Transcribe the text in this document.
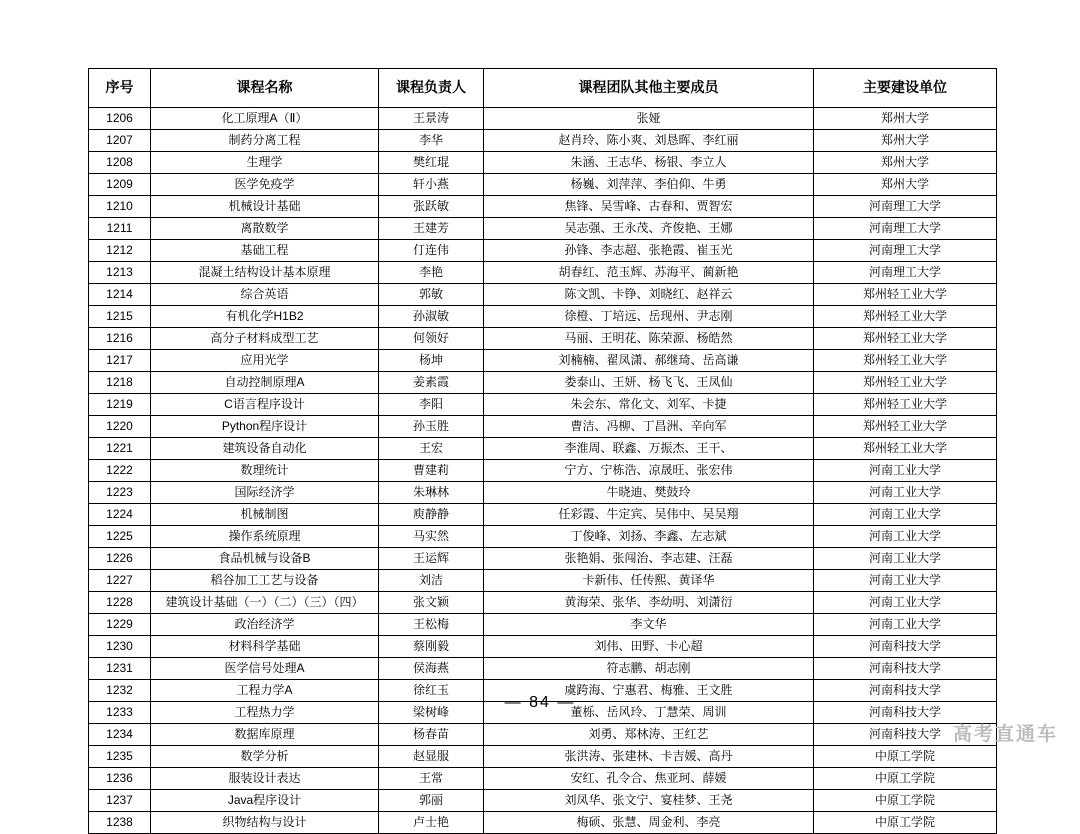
序号	课程名称	课程负责人	课程团队其他主要成员	主要建设单位
1206	化工原理A（Ⅱ）	王景涛	张娅	郑州大学
1207	制药分离工程	李华	赵肖玲、陈小爽、刘恳晖、李红丽	郑州大学
1208	生理学	樊红琨	朱涵、王志华、杨银、李立人	郑州大学
1209	医学免疫学	轩小燕	杨巍、刘萍萍、李伯仰、牛勇	郑州大学
1210	机械设计基础	张跃敏	焦锋、吴雪峰、古春和、贾智宏	河南理工大学
1211	离散数学	王建芳	吴志强、王永茂、齐俊艳、王娜	河南理工大学
1212	基础工程	仃连伟	孙锋、李志超、张艳霞、崔玉光	河南理工大学
1213	混凝土结构设计基本原理	李艳	胡春红、范玉辉、苏海平、蔺新艳	河南理工大学
1214	综合英语	郭敏	陈文凯、卡铮、刘晓红、赵祥云	郑州轻工业大学
1215	有机化学H1B2	孙淑敏	徐橙、丁培远、岳现州、尹志刚	郑州轻工业大学
1216	高分子材料成型工艺	何领好	马丽、王明花、陈荣源、杨皓然	郑州轻工业大学
1217	应用光学	杨坤	刘楠楠、翟凤潇、郝继琦、岳高谦	郑州轻工业大学
1218	自动控制原理A	姜素霞	娄泰山、王妍、杨飞飞、王凤仙	郑州轻工业大学
1219	C语言程序设计	李阳	朱会东、常化文、刘军、卡捷	郑州轻工业大学
1220	Python程序设计	孙玉胜	曹洁、冯柳、丁昌洲、辛向军	郑州轻工业大学
1221	建筑设备自动化	王宏	李淮周、联鑫、万振杰、王干、	郑州轻工业大学
1222	数理统计	曹建莉	宁方、宁栋浩、凉晟旺、张宏伟	河南工业大学
1223	国际经济学	朱琳林	牛晓迪、樊鼓玲	河南工业大学
1224	机械制图	庾静静	任彩霞、牛定宾、吴伟中、吴吴翔	河南工业大学
1225	操作系统原理	马实然	丁俊峰、刘扬、李鑫、左志斌	河南工业大学
1226	食品机械与设备B	王运辉	张艳娟、张闯治、李志建、汪磊	河南工业大学
1227	稻谷加工工艺与设备	刘洁	卡新伟、任传熙、黄译华	河南工业大学
1228	建筑设计基础（一）（二）（三）（四）	张文颖	黄海荣、张华、李幼明、刘潇衍	河南工业大学
1229	政治经济学	王松梅	李文华	河南工业大学
1230	材料科学基础	蔡刚毅	刘伟、田野、卡心超	河南科技大学
1231	医学信号处理A	侯海燕	符志鹏、胡志刚	河南科技大学
1232	工程力学A	徐红玉	虞跨海、宁惠君、梅雅、王文胜	河南科技大学
1233	工程热力学	梁树峰	董栎、岳风玲、丁慧荣、周训	河南科技大学
1234	数据库原理	杨春苗	刘勇、郑林涛、王红艺	河南科技大学
1235	数学分析	赵显服	张洪涛、张建林、卡吉媛、高丹	中原工学院
1236	服装设计表达	王常	安红、孔令合、焦亚珂、薛媛	中原工学院
1237	Java程序设计	郭丽	刘凤华、张文宁、宴桂梦、王尧	中原工学院
1238	织物结构与设计	卢士艳	梅硕、张慧、周金利、李亮	中原工学院
— 84 —
高考直通车
